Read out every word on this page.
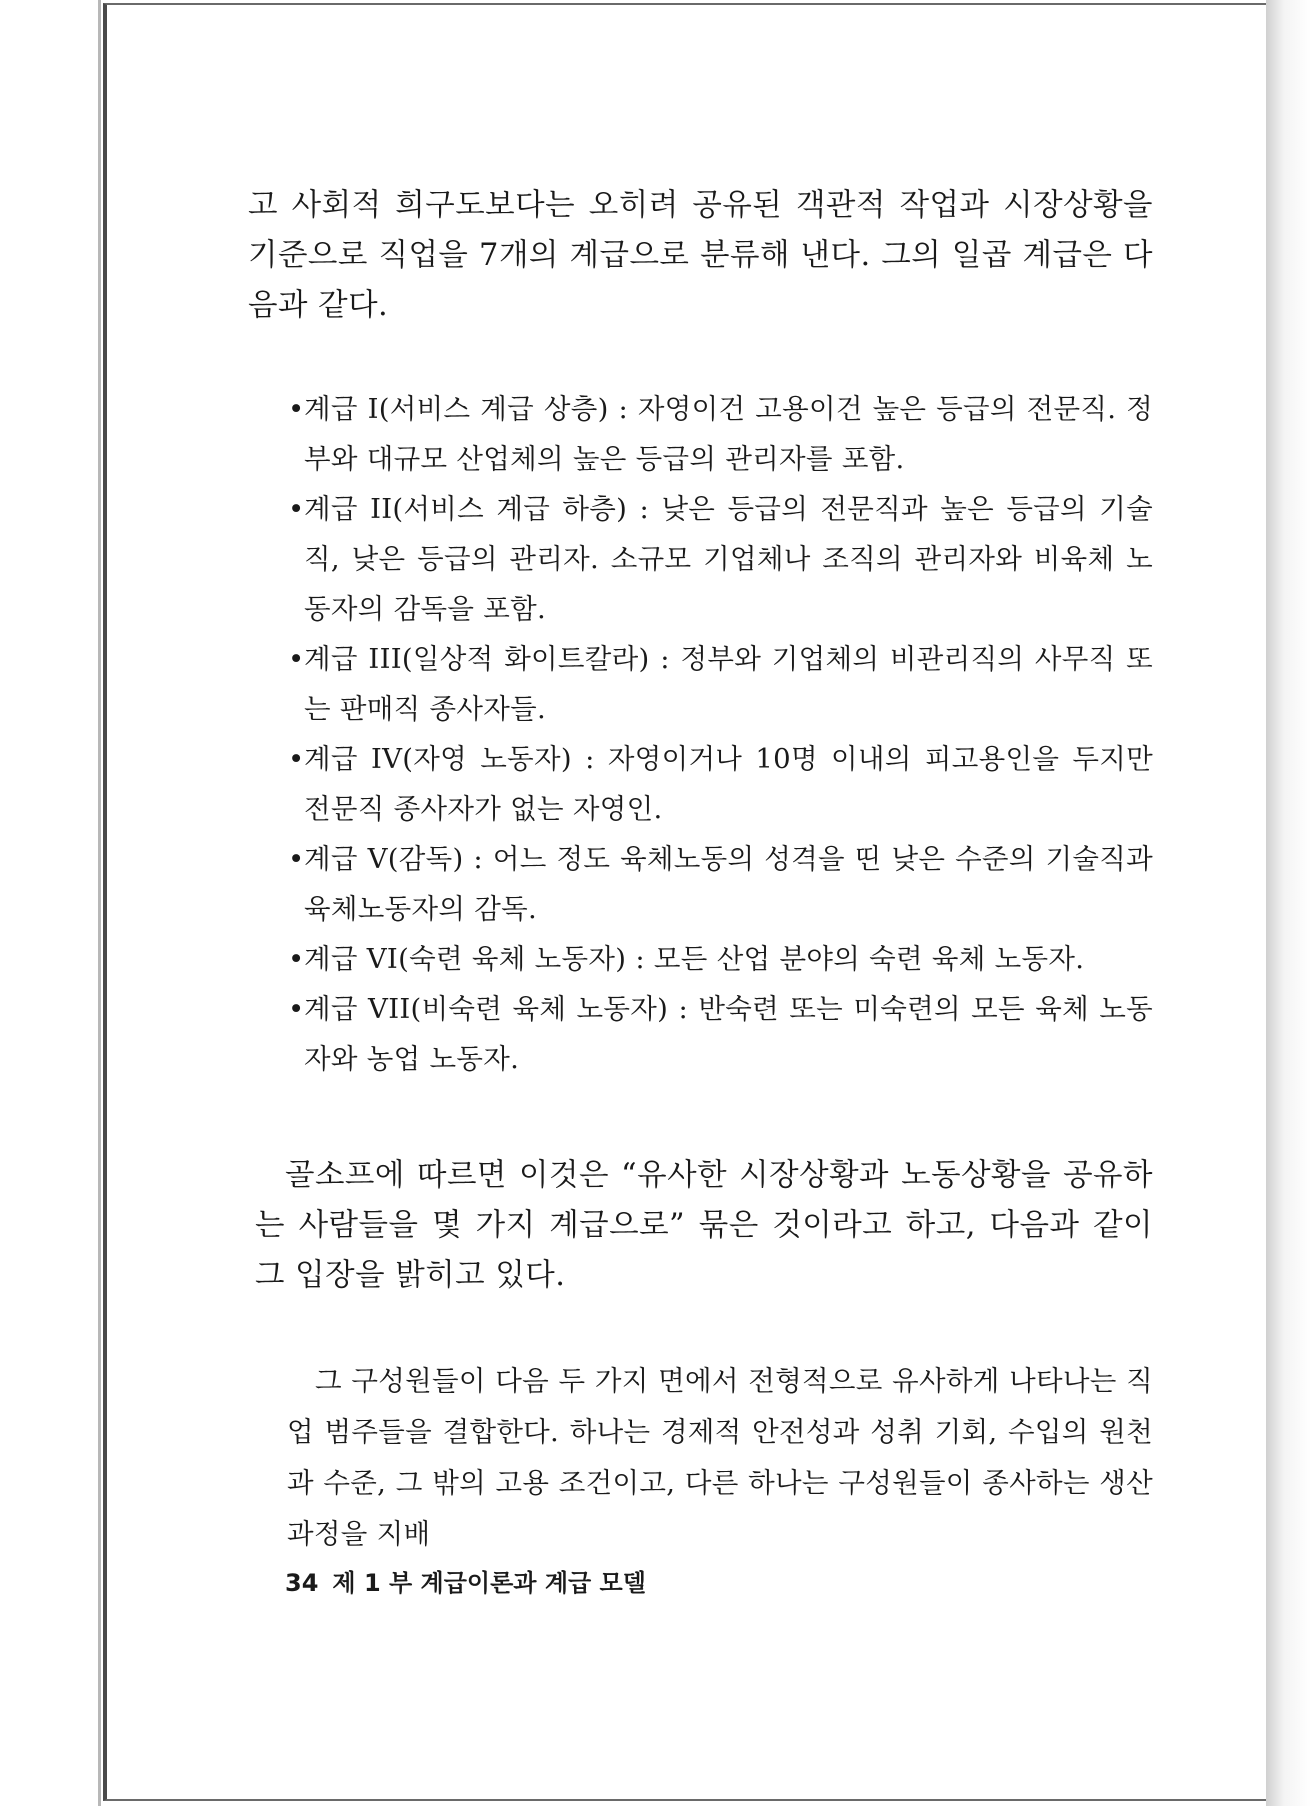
고 사회적 희구도보다는 오히려 공유된 객관적 작업과 시장상황을 기준으로 직업을 7개의 계급으로 분류해 낸다. 그의 일곱 계급은 다음과 같다.

• 계급 I(서비스 계급 상층) : 자영이건 고용이건 높은 등급의 전문직. 정부와 대규모 산업체의 높은 등급의 관리자를 포함.
• 계급 II(서비스 계급 하층) : 낮은 등급의 전문직과 높은 등급의 기술직, 낮은 등급의 관리자. 소규모 기업체나 조직의 관리자와 비육체 노동자의 감독을 포함.
• 계급 III(일상적 화이트칼라) : 정부와 기업체의 비관리직의 사무직 또는 판매직 종사자들.
• 계급 IV(자영 노동자) : 자영이거나 10명 이내의 피고용인을 두지만 전문직 종사자가 없는 자영인.
• 계급 V(감독) : 어느 정도 육체노동의 성격을 띤 낮은 수준의 기술직과 육체노동자의 감독.
• 계급 VI(숙련 육체 노동자) : 모든 산업 분야의 숙련 육체 노동자.
• 계급 VII(비숙련 육체 노동자) : 반숙련 또는 미숙련의 모든 육체 노동자와 농업 노동자.

골소프에 따르면 이것은 “유사한 시장상황과 노동상황을 공유하는 사람들을 몇 가지 계급으로” 묶은 것이라고 하고, 다음과 같이 그 입장을 밝히고 있다.

그 구성원들이 다음 두 가지 면에서 전형적으로 유사하게 나타나는 직업 범주들을 결합한다. 하나는 경제적 안전성과 성취 기회, 수입의 원천과 수준, 그 밖의 고용 조건이고, 다른 하나는 구성원들이 종사하는 생산과정을 지배

34 제 1 부 계급이론과 계급 모델
